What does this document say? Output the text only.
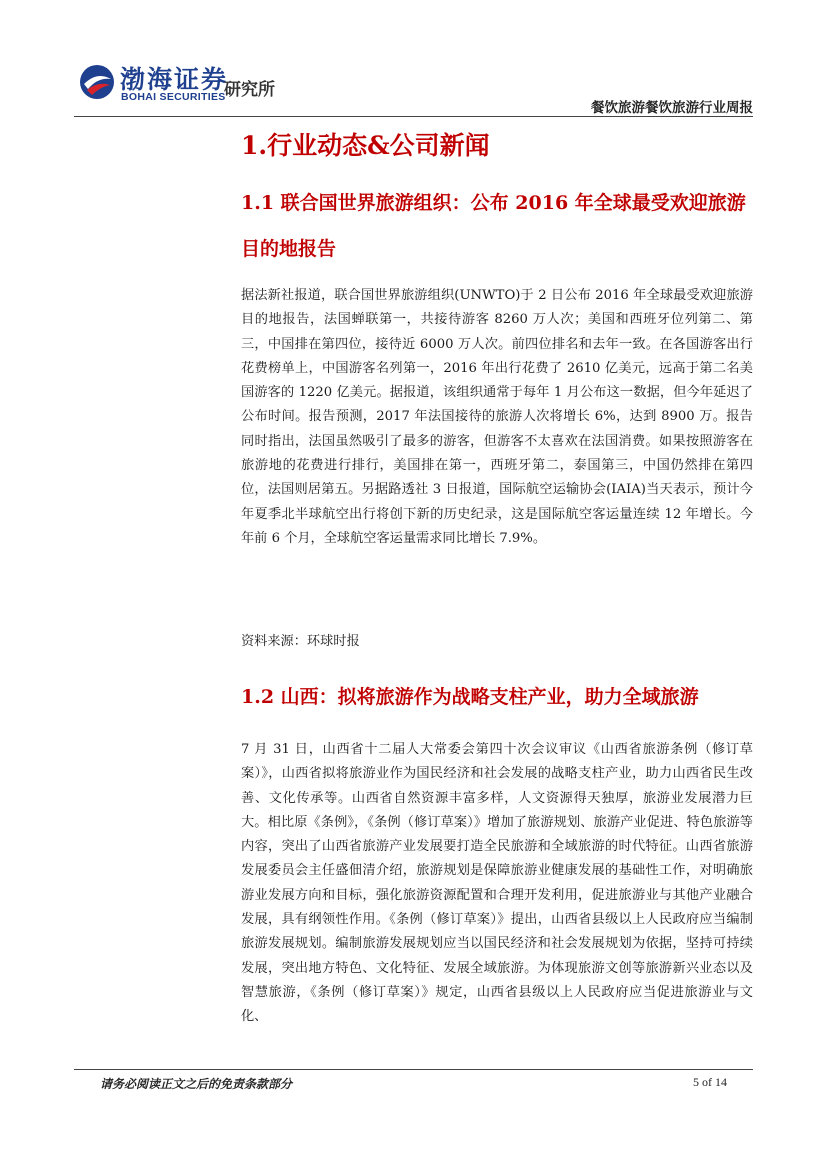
渤海证券
BOHAI SECURITIES
研究所
餐饮旅游餐饮旅游行业周报
1.行业动态&公司新闻
1.1 联合国世界旅游组织：公布 2016 年全球最受欢迎旅游目的地报告
据法新社报道，联合国世界旅游组织(UNWTO)于 2 日公布 2016 年全球最受欢迎旅游目的地报告，法国蝉联第一，共接待游客 8260 万人次；美国和西班牙位列第二、第三，中国排在第四位，接待近 6000 万人次。前四位排名和去年一致。在各国游客出行花费榜单上，中国游客名列第一，2016 年出行花费了 2610 亿美元，远高于第二名美国游客的 1220 亿美元。据报道，该组织通常于每年 1 月公布这一数据，但今年延迟了公布时间。报告预测，2017 年法国接待的旅游人次将增长 6%，达到 8900 万。报告同时指出，法国虽然吸引了最多的游客，但游客不太喜欢在法国消费。如果按照游客在旅游地的花费进行排行，美国排在第一，西班牙第二，泰国第三，中国仍然排在第四位，法国则居第五。另据路透社 3 日报道，国际航空运输协会(IAIA)当天表示，预计今年夏季北半球航空出行将创下新的历史纪录，这是国际航空客运量连续 12 年增长。今年前 6 个月，全球航空客运量需求同比增长 7.9%。
资料来源：环球时报
1.2 山西：拟将旅游作为战略支柱产业，助力全域旅游
7 月 31 日，山西省十二届人大常委会第四十次会议审议《山西省旅游条例（修订草案）》，山西省拟将旅游业作为国民经济和社会发展的战略支柱产业，助力山西省民生改善、文化传承等。山西省自然资源丰富多样，人文资源得天独厚，旅游业发展潜力巨大。相比原《条例》，《条例（修订草案）》增加了旅游规划、旅游产业促进、特色旅游等内容，突出了山西省旅游产业发展要打造全民旅游和全域旅游的时代特征。山西省旅游发展委员会主任盛佃清介绍，旅游规划是保障旅游业健康发展的基础性工作，对明确旅游业发展方向和目标，强化旅游资源配置和合理开发利用，促进旅游业与其他产业融合发展，具有纲领性作用。《条例（修订草案）》提出，山西省县级以上人民政府应当编制旅游发展规划。编制旅游发展规划应当以国民经济和社会发展规划为依据，坚持可持续发展，突出地方特色、文化特征、发展全域旅游。为体现旅游文创等旅游新兴业态以及智慧旅游，《条例（修订草案）》规定，山西省县级以上人民政府应当促进旅游业与文化、
请务必阅读正文之后的免责条款部分	5 of 14
